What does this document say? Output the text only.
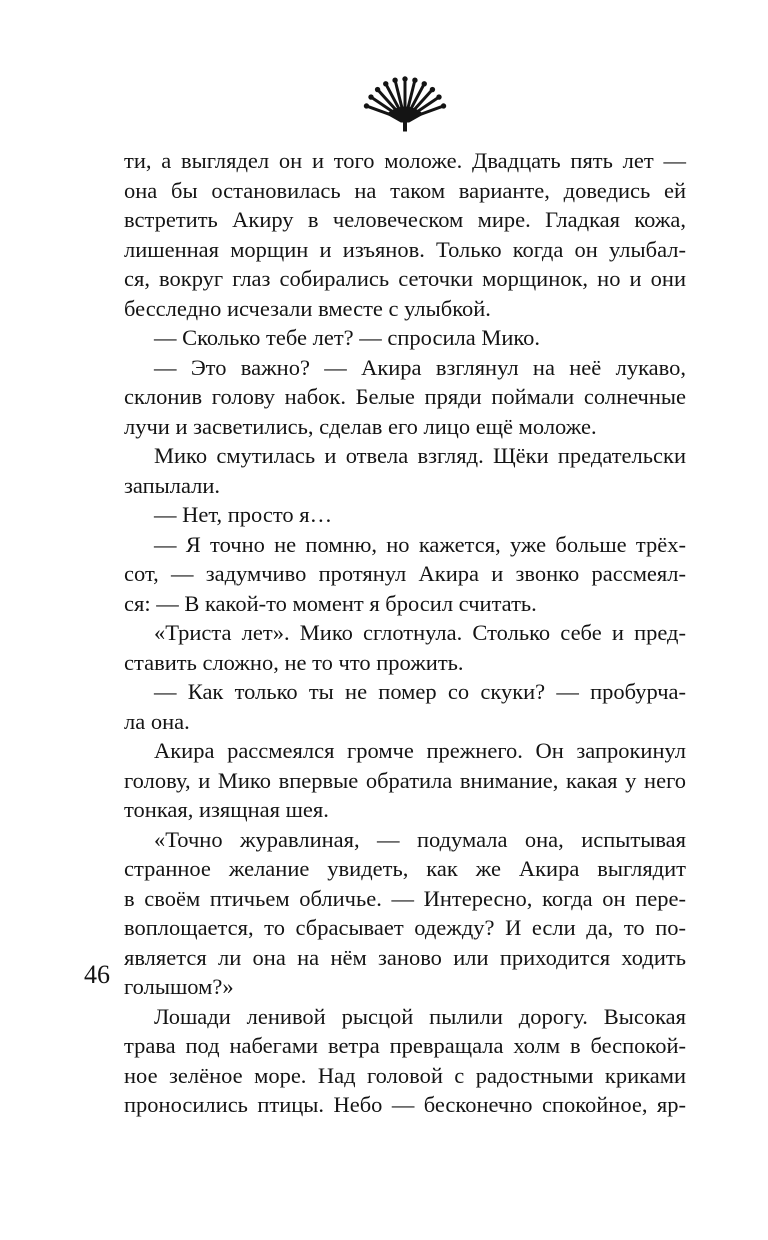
ти, а выглядел он и того моложе. Двадцать пять лет —
она бы остановилась на таком варианте, доведись ей
встретить Акиру в человеческом мире. Гладкая кожа,
лишенная морщин и изъянов. Только когда он улыбал-
ся, вокруг глаз собирались сеточки морщинок, но и они
бесследно исчезали вместе с улыбкой.
— Сколько тебе лет? — спросила Мико.
— Это важно? — Акира взглянул на неё лукаво,
склонив голову набок. Белые пряди поймали солнечные
лучи и засветились, сделав его лицо ещё моложе.
Мико смутилась и отвела взгляд. Щёки предательски
запылали.
— Нет, просто я…
— Я точно не помню, но кажется, уже больше трёх-
сот, — задумчиво протянул Акира и звонко рассмеял-
ся: — В какой-то момент я бросил считать.
«Триста лет». Мико сглотнула. Столько себе и пред-
ставить сложно, не то что прожить.
— Как только ты не помер со скуки? — пробурча-
ла она.
Акира рассмеялся громче прежнего. Он запрокинул
голову, и Мико впервые обратила внимание, какая у него
тонкая, изящная шея.
«Точно журавлиная, — подумала она, испытывая
странное желание увидеть, как же Акира выглядит
в своём птичьем обличье. — Интересно, когда он пере-
воплощается, то сбрасывает одежду? И если да, то по-
является ли она на нём заново или приходится ходить
голышом?»
Лошади ленивой рысцой пылили дорогу. Высокая
трава под набегами ветра превращала холм в беспокой-
ное зелёное море. Над головой с радостными криками
проносились птицы. Небо — бесконечно спокойное, яр-
46
